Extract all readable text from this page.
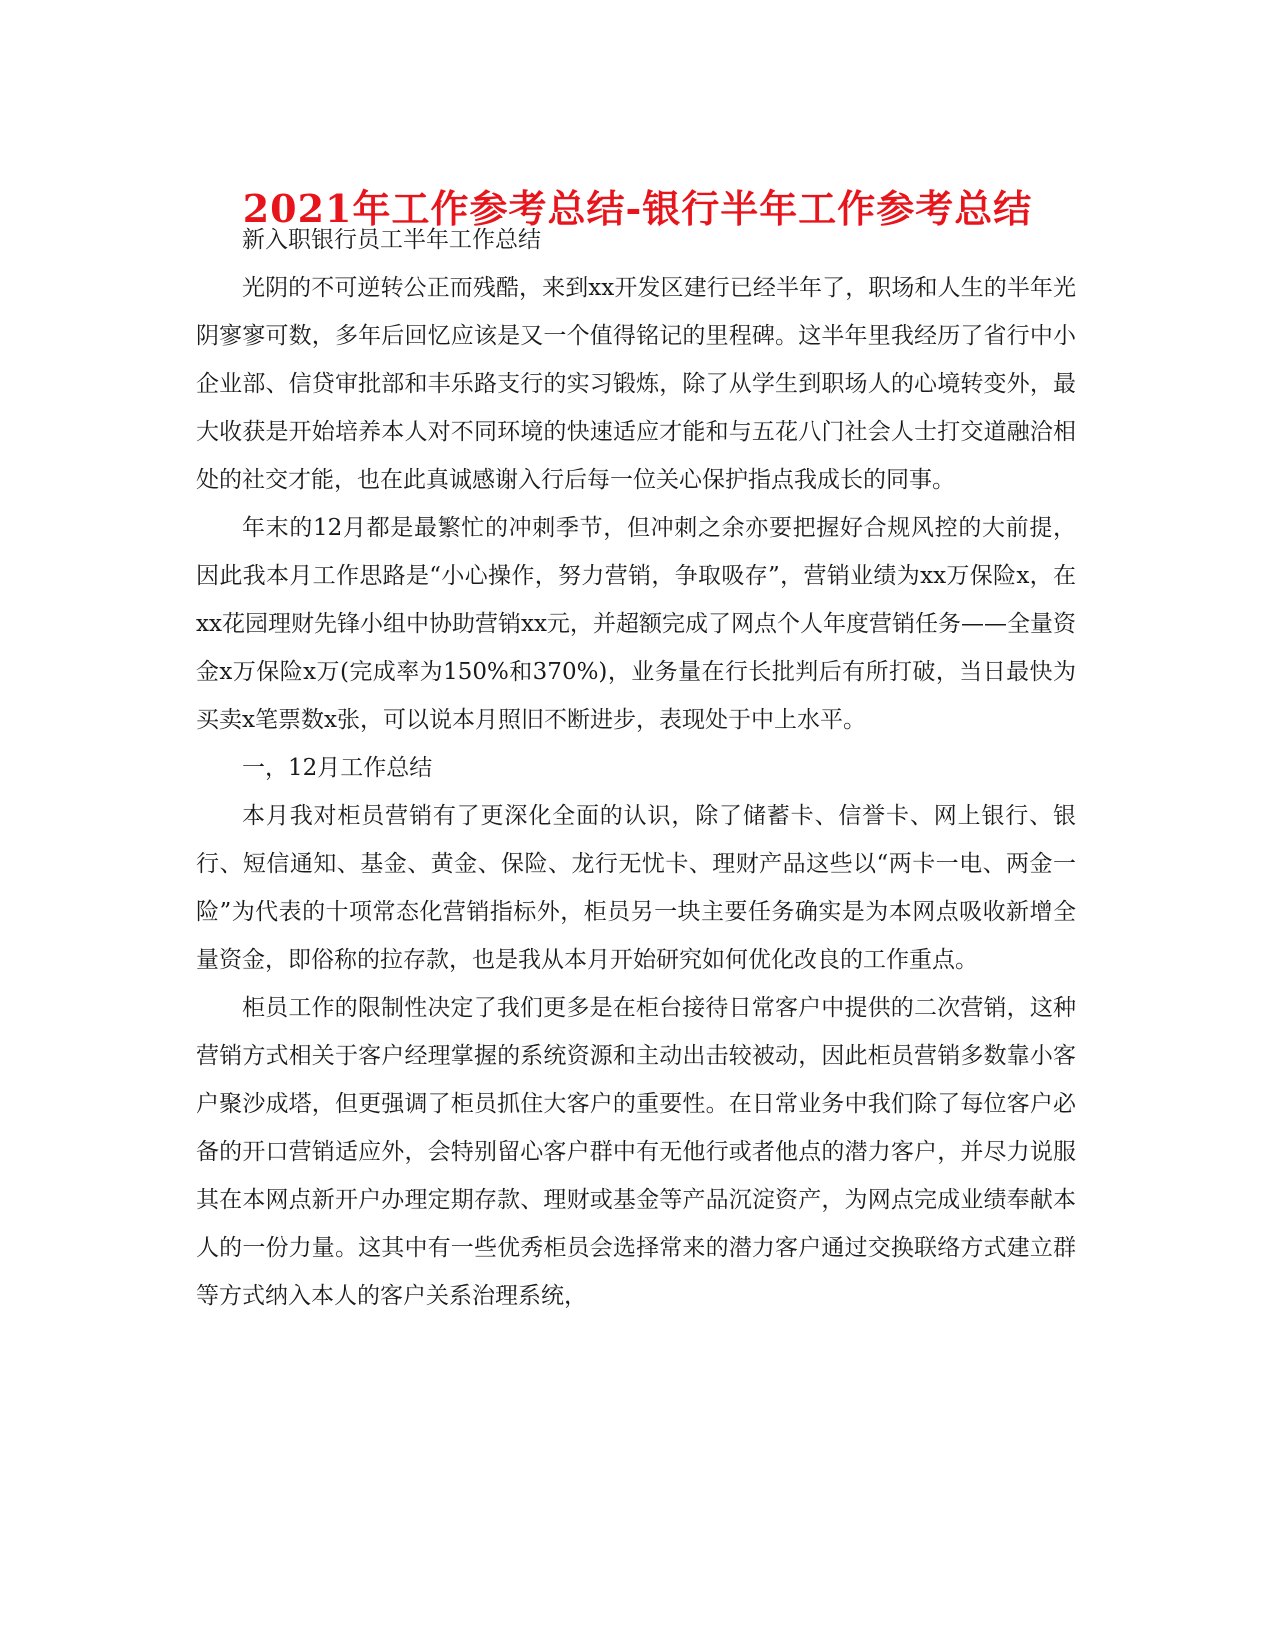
2021年工作参考总结-银行半年工作参考总结

新入职银行员工半年工作总结

光阴的不可逆转公正而残酷，来到xx开发区建行已经半年了，职场和人生的半年光阴寥寥可数，多年后回忆应该是又一个值得铭记的里程碑。这半年里我经历了省行中小企业部、信贷审批部和丰乐路支行的实习锻炼，除了从学生到职场人的心境转变外，最大收获是开始培养本人对不同环境的快速适应才能和与五花八门社会人士打交道融洽相处的社交才能，也在此真诚感谢入行后每一位关心保护指点我成长的同事。

年末的12月都是最繁忙的冲刺季节，但冲刺之余亦要把握好合规风控的大前提，因此我本月工作思路是“小心操作，努力营销，争取吸存”，营销业绩为xx万保险x，在xx花园理财先锋小组中协助营销xx元，并超额完成了网点个人年度营销任务——全量资金x万保险x万(完成率为150%和370%)，业务量在行长批判后有所打破，当日最快为买卖x笔票数x张，可以说本月照旧不断进步，表现处于中上水平。

一，12月工作总结

本月我对柜员营销有了更深化全面的认识，除了储蓄卡、信誉卡、网上银行、银行、短信通知、基金、黄金、保险、龙行无忧卡、理财产品这些以“两卡一电、两金一险”为代表的十项常态化营销指标外，柜员另一块主要任务确实是为本网点吸收新增全量资金，即俗称的拉存款，也是我从本月开始研究如何优化改良的工作重点。

柜员工作的限制性决定了我们更多是在柜台接待日常客户中提供的二次营销，这种营销方式相关于客户经理掌握的系统资源和主动出击较被动，因此柜员营销多数靠小客户聚沙成塔，但更强调了柜员抓住大客户的重要性。在日常业务中我们除了每位客户必备的开口营销适应外，会特别留心客户群中有无他行或者他点的潜力客户，并尽力说服其在本网点新开户办理定期存款、理财或基金等产品沉淀资产，为网点完成业绩奉献本人的一份力量。这其中有一些优秀柜员会选择常来的潜力客户通过交换联络方式建立群等方式纳入本人的客户关系治理系统，
